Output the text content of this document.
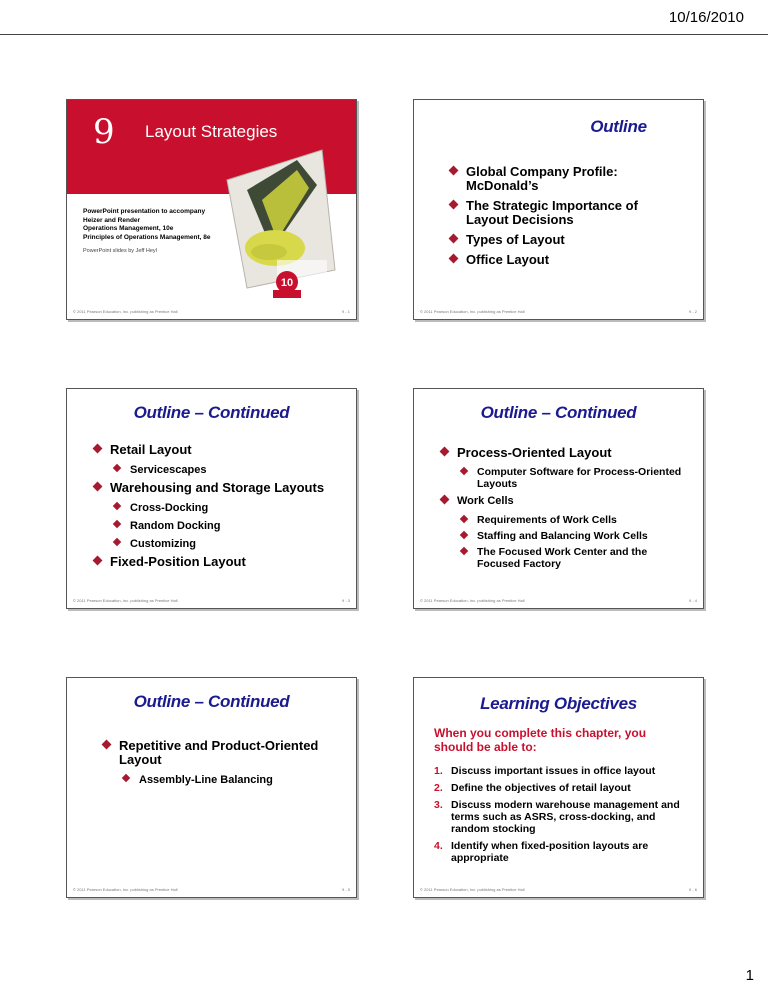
10/16/2010
9 Layout Strategies
10
PowerPoint presentation to accompany
Heizer and Render
Operations Management, 10e
Principles of Operations Management, 8e
PowerPoint slides by Jeff Heyl
© 2011 Pearson Education, Inc. publishing as Prentice Hall	9 - 1
Outline
Global Company Profile: McDonald’s
The Strategic Importance of Layout Decisions
Types of Layout
Office Layout
© 2011 Pearson Education, Inc. publishing as Prentice Hall	9 - 2
Outline – Continued
Retail Layout
Servicescapes
Warehousing and Storage Layouts
Cross-Docking
Random Docking
Customizing
Fixed-Position Layout
© 2011 Pearson Education, Inc. publishing as Prentice Hall	9 - 3
Outline – Continued
Process-Oriented Layout
Computer Software for Process-Oriented Layouts
Work Cells
Requirements of Work Cells
Staffing and Balancing Work Cells
The Focused Work Center and the Focused Factory
© 2011 Pearson Education, Inc. publishing as Prentice Hall	9 - 4
Outline – Continued
Repetitive and Product-Oriented Layout
Assembly-Line Balancing
© 2011 Pearson Education, Inc. publishing as Prentice Hall	9 - 5
Learning Objectives
When you complete this chapter, you should be able to:
1. Discuss important issues in office layout
2. Define the objectives of retail layout
3. Discuss modern warehouse management and terms such as ASRS, cross-docking, and random stocking
4. Identify when fixed-position layouts are appropriate
© 2011 Pearson Education, Inc. publishing as Prentice Hall	9 - 6
1
